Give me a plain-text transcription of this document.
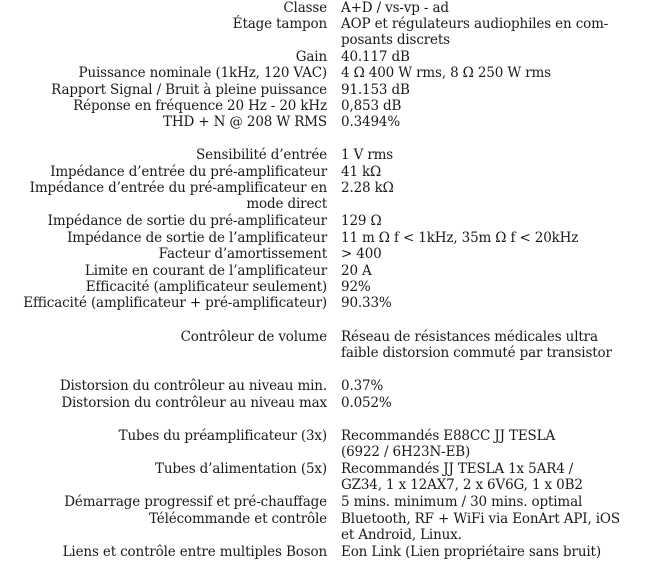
Classe A+D / vs-vp - ad
Étage tampon AOP et régulateurs audiophiles en com-
posants discrets
Gain 40.117 dB
Puissance nominale (1kHz, 120 VAC) 4 Ω 400 W rms, 8 Ω 250 W rms
Rapport Signal / Bruit à pleine puissance 91.153 dB
Réponse en fréquence 20 Hz - 20 kHz 0,853 dB
THD + N @ 208 W RMS 0.3494%
Sensibilité d’entrée 1 V rms
Impédance d’entrée du pré-amplificateur 41 kΩ
Impédance d’entrée du pré-amplificateur en
mode direct
2.28 kΩ
Impédance de sortie du pré-amplificateur 129 Ω
Impédance de sortie de l’amplificateur 11 m Ω f < 1kHz, 35m Ω f < 20kHz
Facteur d’amortissement > 400
Limite en courant de l’amplificateur 20 A
Efficacité (amplificateur seulement) 92%
Efficacité (amplificateur + pré-amplificateur) 90.33%
Contrôleur de volume Réseau de résistances médicales ultra
faible distorsion commuté par transistor
Distorsion du contrôleur au niveau min. 0.37%
Distorsion du contrôleur au niveau max 0.052%
Tubes du préamplificateur (3x) Recommandés E88CC JJ TESLA
(6922 / 6H23N-EB)
Tubes d’alimentation (5x) Recommandés JJ TESLA 1x 5AR4 /
GZ34, 1 x 12AX7, 2 x 6V6G, 1 x 0B2
Démarrage progressif et pré-chauffage 5 mins. minimum / 30 mins. optimal
Télécommande et contrôle Bluetooth, RF + WiFi via EonArt API, iOS
et Android, Linux.
Liens et contrôle entre multiples Boson Eon Link (Lien propriétaire sans bruit)
